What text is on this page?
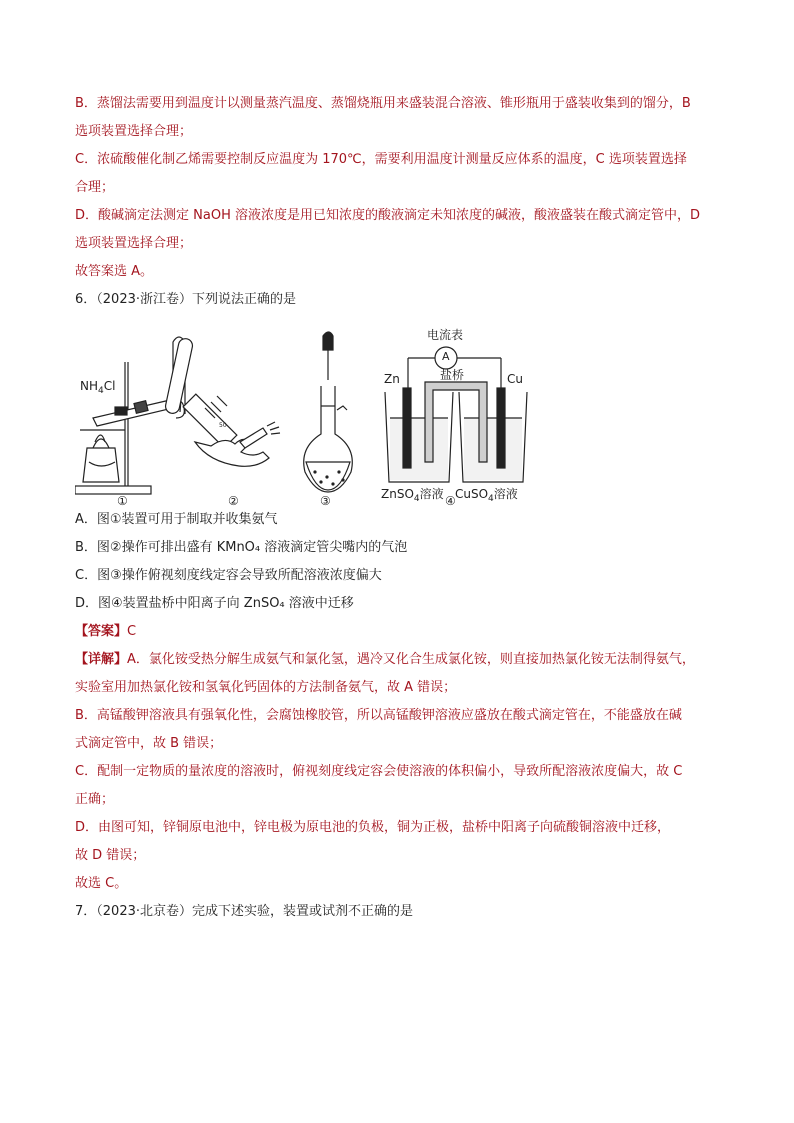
B．蒸馏法需要用到温度计以测量蒸汽温度、蒸馏烧瓶用来盛装混合溶液、锥形瓶用于盛装收集到的馏分，B
选项装置选择合理；
C．浓硫酸催化制乙烯需要控制反应温度为 170℃，需要利用温度计测量反应体系的温度，C 选项装置选择
合理；
D．酸碱滴定法测定 NaOH 溶液浓度是用已知浓度的酸液滴定未知浓度的碱液，酸液盛装在酸式滴定管中，D
选项装置选择合理；
故答案选 A。
6．（2023·浙江卷）下列说法正确的是
$NH_4Cl$
50
电流表
A
盐桥
Zn	Cu
ZnSO$_4$溶液 CuSO$_4$溶液
①	②	③	④
A．图①装置可用于制取并收集氨气
B．图②操作可排出盛有 KMnO₄ 溶液滴定管尖嘴内的气泡
C．图③操作俯视刻度线定容会导致所配溶液浓度偏大
D．图④装置盐桥中阳离子向 ZnSO₄ 溶液中迁移
【答案】C
【详解】A．氯化铵受热分解生成氨气和氯化氢，遇冷又化合生成氯化铵，则直接加热氯化铵无法制得氨气，
实验室用加热氯化铵和氢氧化钙固体的方法制备氨气，故 A 错误；
B．高锰酸钾溶液具有强氧化性，会腐蚀橡胶管，所以高锰酸钾溶液应盛放在酸式滴定管在，不能盛放在碱
式滴定管中，故 B 错误；
C．配制一定物质的量浓度的溶液时，俯视刻度线定容会使溶液的体积偏小，导致所配溶液浓度偏大，故 C
正确；
D．由图可知，锌铜原电池中，锌电极为原电池的负极，铜为正极，盐桥中阳离子向硫酸铜溶液中迁移，
故 D 错误；
故选 C。
7．（2023·北京卷）完成下述实验，装置或试剂不正确的是
